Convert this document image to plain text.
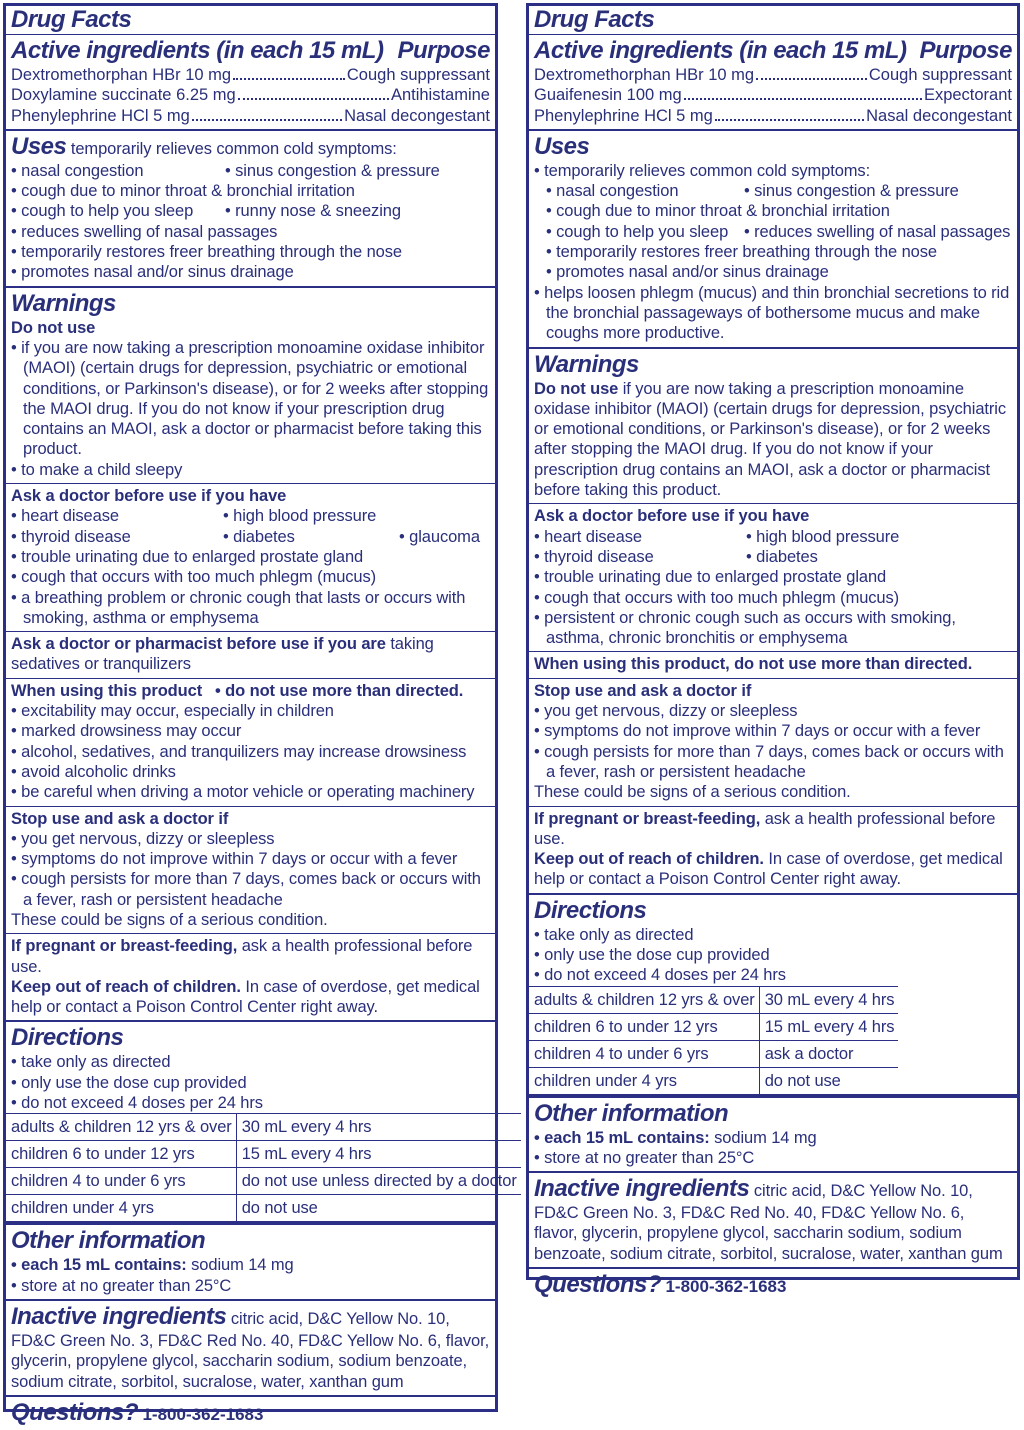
Drug Facts
Active ingredients (in each 15 mL) Purpose
Dextromethorphan HBr 10 mg	Cough suppressant
Doxylamine succinate 6.25 mg	Antihistamine
Phenylephrine HCl 5 mg	Nasal decongestant
Uses temporarily relieves common cold symptoms:
• nasal congestion	• sinus congestion & pressure
• cough due to minor throat & bronchial irritation
• cough to help you sleep	• runny nose & sneezing
• reduces swelling of nasal passages
• temporarily restores freer breathing through the nose
• promotes nasal and/or sinus drainage
Warnings
Do not use
• if you are now taking a prescription monoamine oxidase inhibitor (MAOI) (certain drugs for depression, psychiatric or emotional conditions, or Parkinson's disease), or for 2 weeks after stopping the MAOI drug. If you do not know if your prescription drug contains an MAOI, ask a doctor or pharmacist before taking this product.
• to make a child sleepy
Ask a doctor before use if you have
• heart disease	• high blood pressure
• thyroid disease	• diabetes	• glaucoma
• trouble urinating due to enlarged prostate gland
• cough that occurs with too much phlegm (mucus)
• a breathing problem or chronic cough that lasts or occurs with smoking, asthma or emphysema
Ask a doctor or pharmacist before use if you are taking sedatives or tranquilizers
When using this product • do not use more than directed.
• excitability may occur, especially in children
• marked drowsiness may occur
• alcohol, sedatives, and tranquilizers may increase drowsiness
• avoid alcoholic drinks
• be careful when driving a motor vehicle or operating machinery
Stop use and ask a doctor if
• you get nervous, dizzy or sleepless
• symptoms do not improve within 7 days or occur with a fever
• cough persists for more than 7 days, comes back or occurs with a fever, rash or persistent headache
These could be signs of a serious condition.
If pregnant or breast-feeding, ask a health professional before use.
Keep out of reach of children. In case of overdose, get medical help or contact a Poison Control Center right away.
Directions
• take only as directed
• only use the dose cup provided
• do not exceed 4 doses per 24 hrs
adults & children 12 yrs & over	30 mL every 4 hrs
children 6 to under 12 yrs	15 mL every 4 hrs
children 4 to under 6 yrs	do not use unless directed by a doctor
children under 4 yrs	do not use
Other information
• each 15 mL contains: sodium 14 mg
• store at no greater than 25°C
Inactive ingredients citric acid, D&C Yellow No. 10, FD&C Green No. 3, FD&C Red No. 40, FD&C Yellow No. 6, flavor, glycerin, propylene glycol, saccharin sodium, sodium benzoate, sodium citrate, sorbitol, sucralose, water, xanthan gum
Questions? 1-800-362-1683
Drug Facts
Active ingredients (in each 15 mL) Purpose
Dextromethorphan HBr 10 mg	Cough suppressant
Guaifenesin 100 mg	Expectorant
Phenylephrine HCl 5 mg	Nasal decongestant
Uses
• temporarily relieves common cold symptoms:
• nasal congestion	• sinus congestion & pressure
• cough due to minor throat & bronchial irritation
• cough to help you sleep • reduces swelling of nasal passages
• temporarily restores freer breathing through the nose
• promotes nasal and/or sinus drainage
• helps loosen phlegm (mucus) and thin bronchial secretions to rid the bronchial passageways of bothersome mucus and make coughs more productive.
Warnings
Do not use if you are now taking a prescription monoamine oxidase inhibitor (MAOI) (certain drugs for depression, psychiatric or emotional conditions, or Parkinson's disease), or for 2 weeks after stopping the MAOI drug. If you do not know if your prescription drug contains an MAOI, ask a doctor or pharmacist before taking this product.
Ask a doctor before use if you have
• heart disease	• high blood pressure
• thyroid disease	• diabetes
• trouble urinating due to enlarged prostate gland
• cough that occurs with too much phlegm (mucus)
• persistent or chronic cough such as occurs with smoking, asthma, chronic bronchitis or emphysema
When using this product, do not use more than directed.
Stop use and ask a doctor if
• you get nervous, dizzy or sleepless
• symptoms do not improve within 7 days or occur with a fever
• cough persists for more than 7 days, comes back or occurs with a fever, rash or persistent headache
These could be signs of a serious condition.
If pregnant or breast-feeding, ask a health professional before use.
Keep out of reach of children. In case of overdose, get medical help or contact a Poison Control Center right away.
Directions
• take only as directed
• only use the dose cup provided
• do not exceed 4 doses per 24 hrs
adults & children 12 yrs & over	30 mL every 4 hrs
children 6 to under 12 yrs	15 mL every 4 hrs
children 4 to under 6 yrs	ask a doctor
children under 4 yrs	do not use
Other information
• each 15 mL contains: sodium 14 mg
• store at no greater than 25°C
Inactive ingredients citric acid, D&C Yellow No. 10, FD&C Green No. 3, FD&C Red No. 40, FD&C Yellow No. 6, flavor, glycerin, propylene glycol, saccharin sodium, sodium benzoate, sodium citrate, sorbitol, sucralose, water, xanthan gum
Questions? 1-800-362-1683
